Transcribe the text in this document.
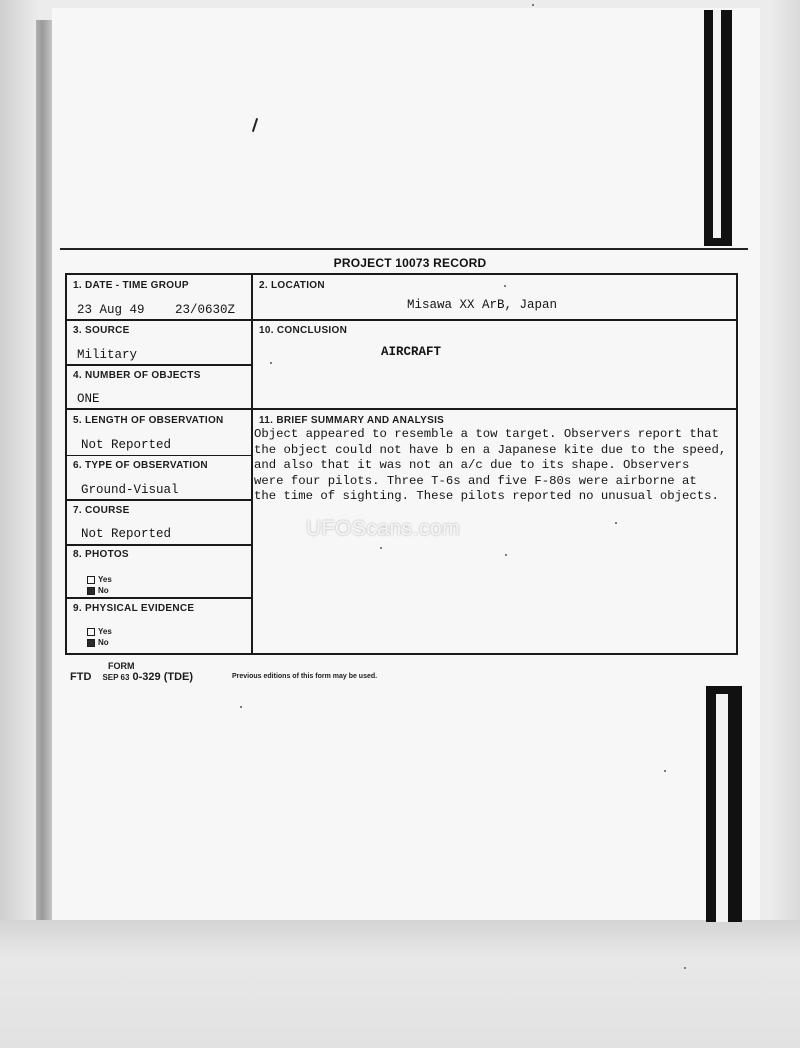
PROJECT 10073 RECORD
1. DATE - TIME GROUP
23 Aug 49 23/0630Z
2. LOCATION
Misawa XX ArB, Japan
3. SOURCE
Military
4. NUMBER OF OBJECTS
ONE
10. CONCLUSION
AIRCRAFT
5. LENGTH OF OBSERVATION
Not Reported
6. TYPE OF OBSERVATION
Ground-Visual
7. COURSE
Not Reported
8. PHOTOS
Yes
No
9. PHYSICAL EVIDENCE
Yes
No
11. BRIEF SUMMARY AND ANALYSIS
Object appeared to resemble a tow target. Observers report that
the object could not have b en a Japanese kite due to the speed,
and also that it was not an a/c due to its shape. Observers
were four pilots. Three T-6s and five F-80s were airborne at
the time of sighting. These pilots reported no unusual objects.
UFOScans.com
FORM
FTD SEP 63 0-329 (TDE)	Previous editions of this form may be used.
